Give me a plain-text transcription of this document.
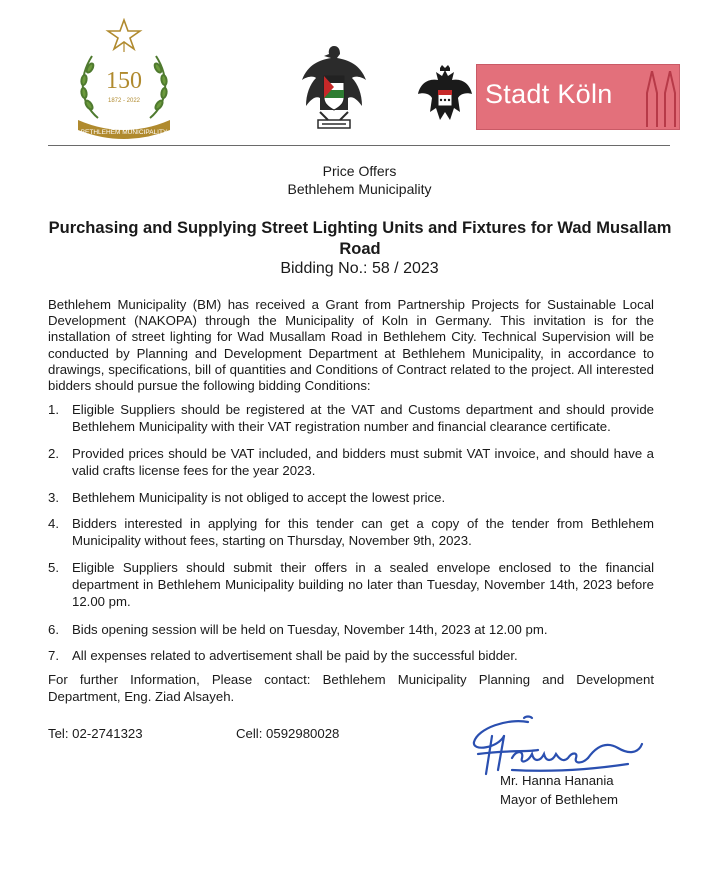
150
1872 - 2022
BETHLEHEM MUNICIPALITY
Stadt Köln
Price Offers
Bethlehem Municipality
Purchasing and Supplying Street Lighting Units and Fixtures for Wad Musallam Road
Bidding No.: 58 / 2023
Bethlehem Municipality (BM) has received a Grant from Partnership Projects for Sustainable Local Development (NAKOPA) through the Municipality of Koln in Germany. This invitation is for the installation of street lighting for Wad Musallam Road in Bethlehem City. Technical Supervision will be conducted by Planning and Development Department at Bethlehem Municipality, in accordance to drawings, specifications, bill of quantities and Conditions of Contract related to the project. All interested bidders should pursue the following bidding Conditions:
1. Eligible Suppliers should be registered at the VAT and Customs department and should provide Bethlehem Municipality with their VAT registration number and financial clearance certificate.
2. Provided prices should be VAT included, and bidders must submit VAT invoice, and should have a valid crafts license fees for the year 2023.
3. Bethlehem Municipality is not obliged to accept the lowest price.
4. Bidders interested in applying for this tender can get a copy of the tender from Bethlehem Municipality without fees, starting on Thursday, November 9th, 2023.
5. Eligible Suppliers should submit their offers in a sealed envelope enclosed to the financial department in Bethlehem Municipality building no later than Tuesday, November 14th, 2023 before 12.00 pm.
6. Bids opening session will be held on Tuesday, November 14th, 2023 at 12.00 pm.
7. All expenses related to advertisement shall be paid by the successful bidder.
For further Information, Please contact: Bethlehem Municipality Planning and Development Department, Eng. Ziad Alsayeh.
Tel: 02-2741323	Cell: 0592980028
Mr. Hanna Hanania
Mayor of Bethlehem
